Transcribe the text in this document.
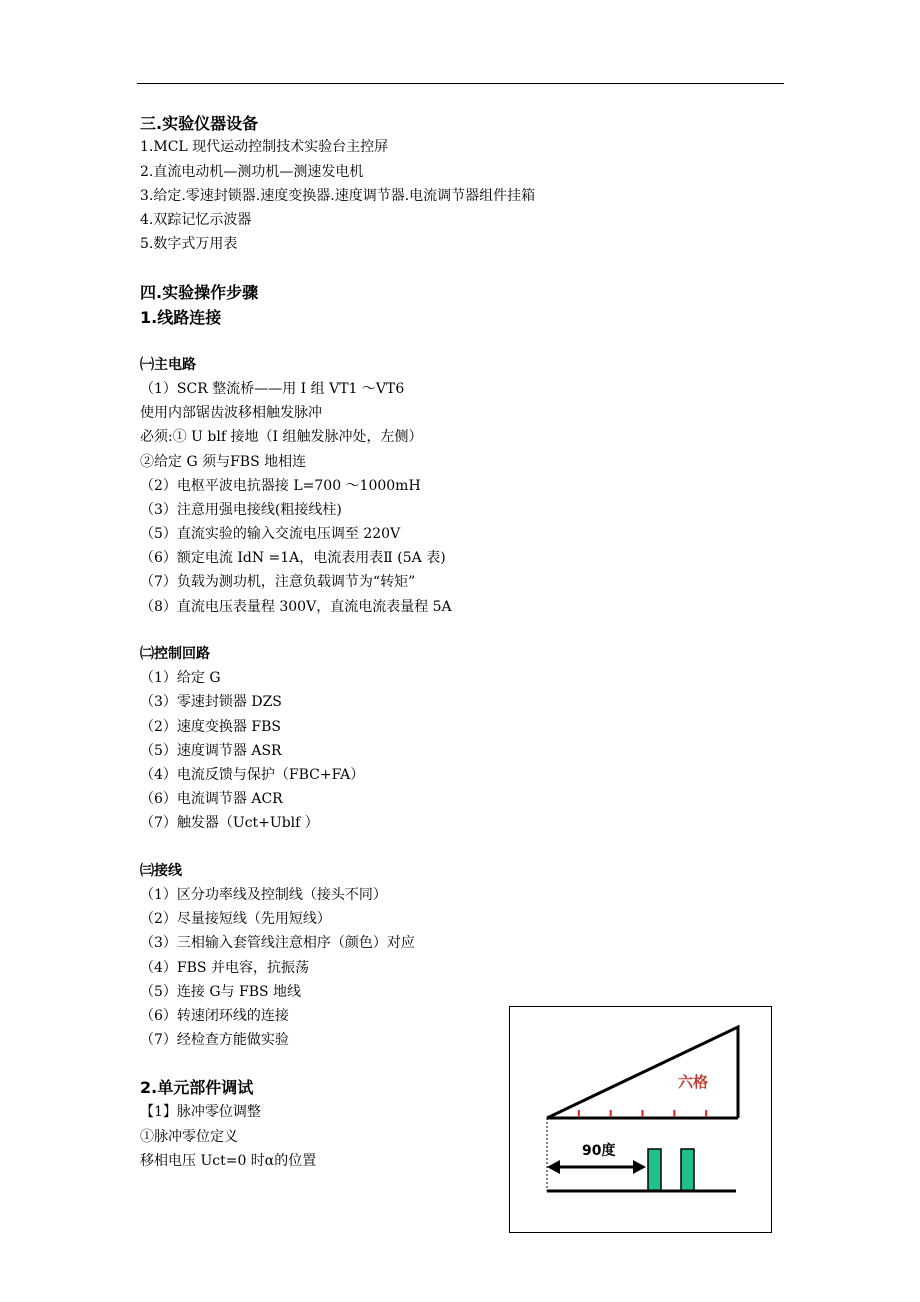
三.实验仪器设备
1.MCL 现代运动控制技术实验台主控屏
2.直流电动机—测功机—测速发电机
3.给定.零速封锁器.速度变换器.速度调节器.电流调节器组件挂箱
4.双踪记忆示波器
5.数字式万用表
四.实验操作步骤
1.线路连接
㈠主电路
（1）SCR 整流桥——用 I 组 VT1 ～VT6
使用内部锯齿波移相触发脉冲
必须:① U blf 接地（I 组触发脉冲处，左侧）
②给定 G 须与FBS 地相连
（2）电枢平波电抗器接 L=700 ～1000mH
（3）注意用强电接线(粗接线柱)
（5）直流实验的输入交流电压调至 220V
（6）额定电流 IdN =1A，电流表用表Ⅱ (5A 表)
（7）负载为测功机，注意负载调节为“转矩”
（8）直流电压表量程 300V，直流电流表量程 5A
㈡控制回路
（1）给定 G
（3）零速封锁器 DZS
（2）速度变换器 FBS
（5）速度调节器 ASR
（4）电流反馈与保护（FBC+FA）
（6）电流调节器 ACR
（7）触发器（Uct+Ublf ）
㈢接线
（1）区分功率线及控制线（接头不同）
（2）尽量接短线（先用短线）
（3）三相输入套管线注意相序（颜色）对应
（4）FBS 并电容，抗振荡
（5）连接 G与 FBS 地线
（6）转速闭环线的连接
（7）经检查方能做实验
2.单元部件调试
【1】脉冲零位调整
①脉冲零位定义
移相电压 Uct=0 时α的位置
六格
90度
